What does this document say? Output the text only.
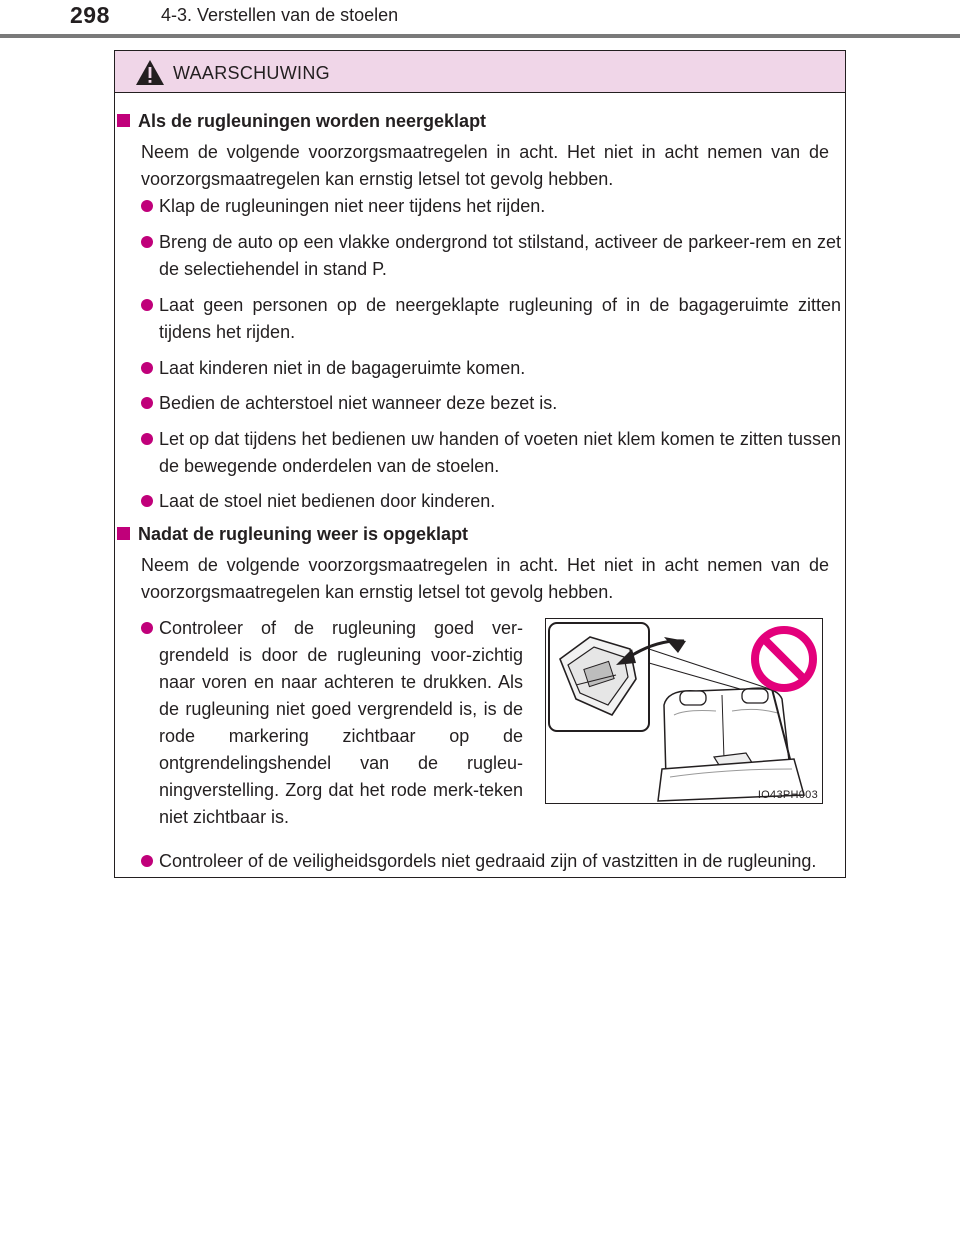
298	4-3. Verstellen van de stoelen
WAARSCHUWING
Als de rugleuningen worden neergeklapt
Neem de volgende voorzorgsmaatregelen in acht. Het niet in acht nemen van de voorzorgsmaatregelen kan ernstig letsel tot gevolg hebben.
Klap de rugleuningen niet neer tijdens het rijden.
Breng de auto op een vlakke ondergrond tot stilstand, activeer de parkeer-rem en zet de selectiehendel in stand P.
Laat geen personen op de neergeklapte rugleuning of in de bagageruimte zitten tijdens het rijden.
Laat kinderen niet in de bagageruimte komen.
Bedien de achterstoel niet wanneer deze bezet is.
Let op dat tijdens het bedienen uw handen of voeten niet klem komen te zitten tussen de bewegende onderdelen van de stoelen.
Laat de stoel niet bedienen door kinderen.
Nadat de rugleuning weer is opgeklapt
Neem de volgende voorzorgsmaatregelen in acht. Het niet in acht nemen van de voorzorgsmaatregelen kan ernstig letsel tot gevolg hebben.
Controleer of de rugleuning goed ver-grendeld is door de rugleuning voor-zichtig naar voren en naar achteren te drukken. Als de rugleuning niet goed vergrendeld is, is de rode markering zichtbaar op de ontgrendelingshendel van de rugleu-ningverstelling. Zorg dat het rode merk-teken niet zichtbaar is.
IO43PH003
Controleer of de veiligheidsgordels niet gedraaid zijn of vastzitten in de rugleuning.
